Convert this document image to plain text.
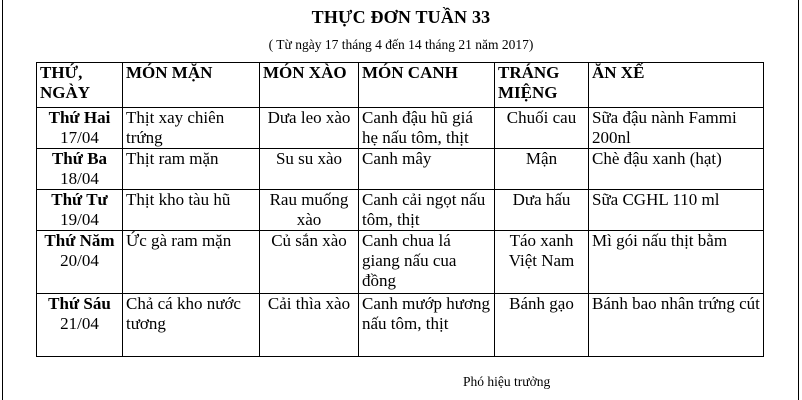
THỰC ĐƠN TUẦN 33
( Từ ngày 17 tháng 4 đến 14 tháng 21 năm 2017)
THỨ, NGÀY	MÓN MẶN	MÓN XÀO	MÓN CANH	TRÁNG MIỆNG	ĂN XẾ

Thứ Hai
17/04	Thịt xay chiên trứng	Dưa leo xào	Canh đậu hũ giá hẹ nấu tôm, thịt	Chuối cau	Sữa đậu nành Fammi 200nl

Thứ Ba
18/04	Thịt ram mặn	Su su xào	Canh mây	Mận	Chè đậu xanh (hạt)

Thứ Tư
19/04	Thịt kho tàu hũ	Rau muống xào	Canh cải ngọt nấu tôm, thịt	Dưa hấu	Sữa CGHL 110 ml

Thứ Năm
20/04	Ức gà ram mặn	Củ sắn xào	Canh chua lá giang nấu cua đồng	Táo xanh Việt Nam	Mì gói nấu thịt bằm

Thứ Sáu
21/04	Chả cá kho nước tương	Cải thìa xào	Canh mướp hương nấu tôm, thịt	Bánh gạo	Bánh bao nhân trứng cút
Phó hiệu trưởng
